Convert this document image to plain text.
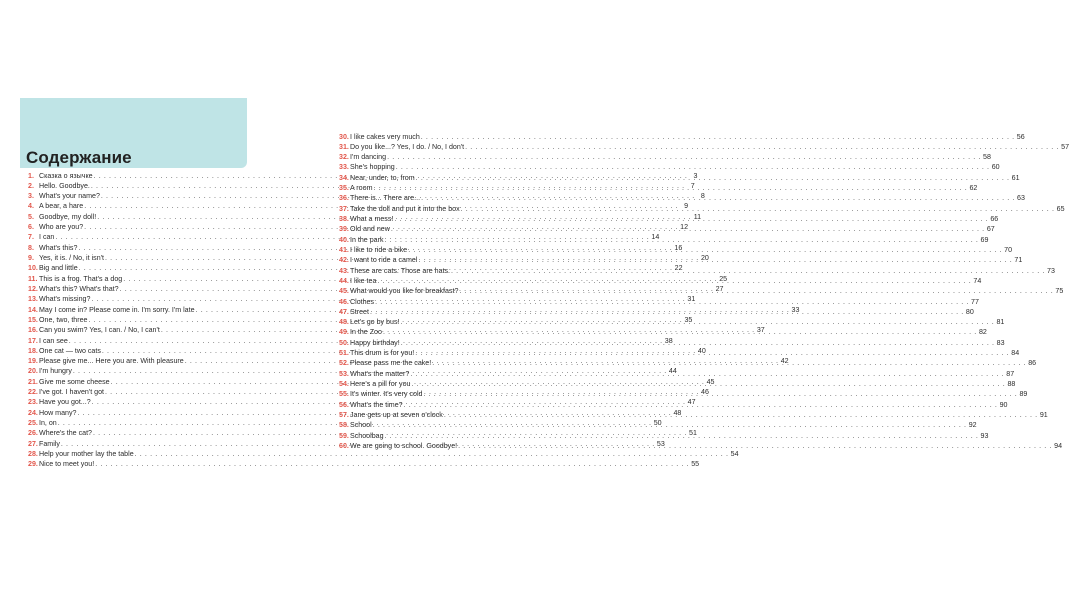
Содержание
1. Сказка о язычке . . .	3
2. Hello. Goodbye. . . .	7
3. What's your name? . . .	8
4. A bear, a hare . . .	9
5. Goodbye, my doll! . . .	11
6. Who are you? . . .	12
7. I can . . .	14
8. What's this? . . .	16
9. Yes, it is. / No, it isn't . . .	20
10. Big and little . . .	22
11. This is a frog. That's a dog . . .	25
12. What's this? What's that? . . .	27
13. What's missing? . . .	31
14. May I come in? Please come in. I'm sorry. I'm late . . .	33
15. One, two, three . . .	35
16. Can you swim? Yes, I can. / No, I can't . . .	37
17. I can see . . .	38
18. One cat — two cats . . .	40
19. Please give me... Here you are. With pleasure . . .	42
20. I'm hungry . . .	44
21. Give me some cheese . . .	45
22. I've got. I haven't got . . .	46
23. Have you got...? . . .	47
24. How many? . . .	48
25. In, on . . .	50
26. Where's the cat? . . .	51
27. Family . . .	53
28. Help your mother lay the table . . .	54
29. Nice to meet you! . . .	55
30. I like cakes very much . . .	56
31. Do you like...? Yes, I do. / No, I don't . . .	57
32. I'm dancing . . .	58
33. She's hopping . . .	60
34. Near, under, to, from . . .	61
35. A room . . .	62
36. There is... There are... . . .	63
37. Take the doll and put it into the box . . .	65
38. What a mess! . . .	66
39. Old and new . . .	67
40. In the park . . .	69
41. I like to ride a bike . . .	70
42. I want to ride a camel . . .	71
43. These are cats. Those are hats. . . .	73
44. I like tea . . .	74
45. What would you like for breakfast? . . .	75
46. Clothes . . .	77
47. Street . . .	80
48. Let's go by bus! . . .	81
49. In the Zoo . . .	82
50. Happy birthday! . . .	83
51. This drum is for you! . . .	84
52. Please pass me the cake! . . .	86
53. What's the matter? . . .	87
54. Here's a pill for you . . .	88
55. It's winter. It's very cold . . .	89
56. What's the time? . . .	90
57. Jane gets up at seven o'clock . . .	91
58. School . . .	92
59. Schoolbag . . .	93
60. We are going to school. Goodbye! . . .	94
